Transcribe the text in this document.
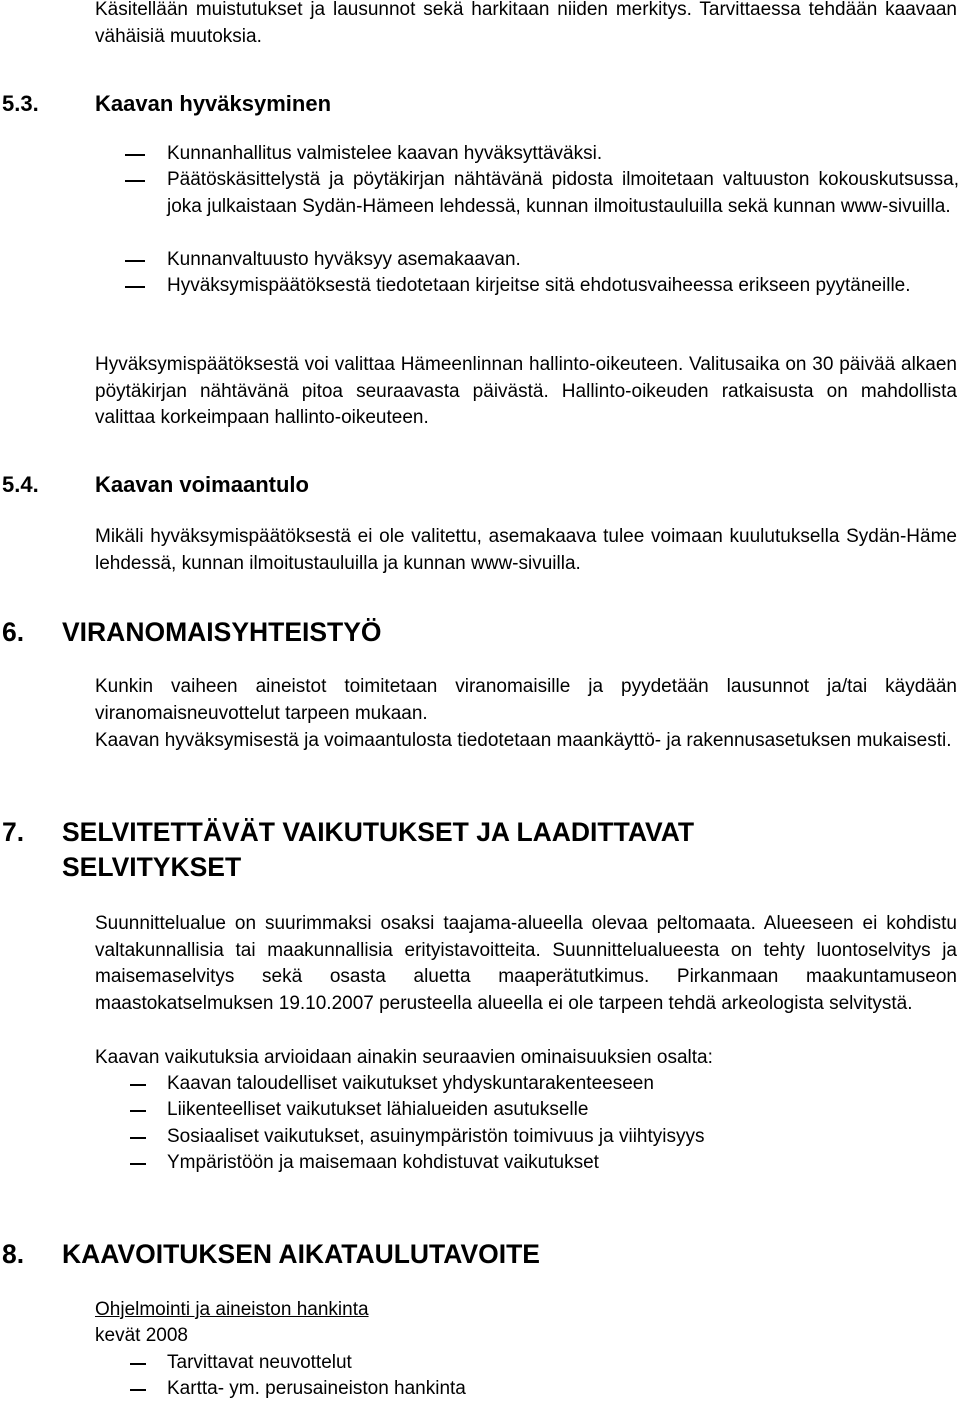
Käsitellään muistutukset ja lausunnot sekä harkitaan niiden merkitys. Tarvittaessa tehdään kaavaan vähäisiä muutoksia.
5.3.	Kaavan hyväksyminen
Kunnanhallitus valmistelee kaavan hyväksyttäväksi.
Päätöskäsittelystä ja pöytäkirjan nähtävänä pidosta ilmoitetaan valtuuston kokouskutsussa, joka julkaistaan Sydän-Hämeen lehdessä, kunnan ilmoitustauluilla sekä kunnan www-sivuilla.
Kunnanvaltuusto hyväksyy asemakaavan.
Hyväksymispäätöksestä tiedotetaan kirjeitse sitä ehdotusvaiheessa erikseen pyytäneille.
Hyväksymispäätöksestä voi valittaa Hämeenlinnan hallinto-oikeuteen. Valitusaika on 30 päivää alkaen pöytäkirjan nähtävänä pitoa seuraavasta päivästä. Hallinto-oikeuden ratkaisusta on mahdollista valittaa korkeimpaan hallinto-oikeuteen.
5.4.	Kaavan voimaantulo
Mikäli hyväksymispäätöksestä ei ole valitettu, asemakaava tulee voimaan kuulutuksella Sydän-Häme lehdessä, kunnan ilmoitustauluilla ja kunnan www-sivuilla.
6. VIRANOMAISYHTEISTYÖ
Kunkin vaiheen aineistot toimitetaan viranomaisille ja pyydetään lausunnot ja/tai käydään viranomaisneuvottelut tarpeen mukaan.
Kaavan hyväksymisestä ja voimaantulosta tiedotetaan maankäyttö- ja rakennusasetuksen mukaisesti.
7. SELVITETTÄVÄT VAIKUTUKSET JA LAADITTAVAT SELVITYKSET
Suunnittelualue on suurimmaksi osaksi taajama-alueella olevaa peltomaata. Alueeseen ei kohdistu valtakunnallisia tai maakunnallisia erityistavoitteita. Suunnittelualueesta on tehty luontoselvitys ja maisemaselvitys sekä osasta aluetta maaperätutkimus. Pirkanmaan maakuntamuseon maastokatselmuksen 19.10.2007 perusteella alueella ei ole tarpeen tehdä arkeologista selvitystä.
Kaavan vaikutuksia arvioidaan ainakin seuraavien ominaisuuksien osalta:
Kaavan taloudelliset vaikutukset yhdyskuntarakenteeseen
Liikenteelliset vaikutukset lähialueiden asutukselle
Sosiaaliset vaikutukset, asuinympäristön toimivuus ja viihtyisyys
Ympäristöön ja maisemaan kohdistuvat vaikutukset
8. KAAVOITUKSEN AIKATAULUTAVOITE
Ohjelmointi ja aineiston hankinta
kevät 2008
Tarvittavat neuvottelut
Kartta- ym. perusaineiston hankinta
